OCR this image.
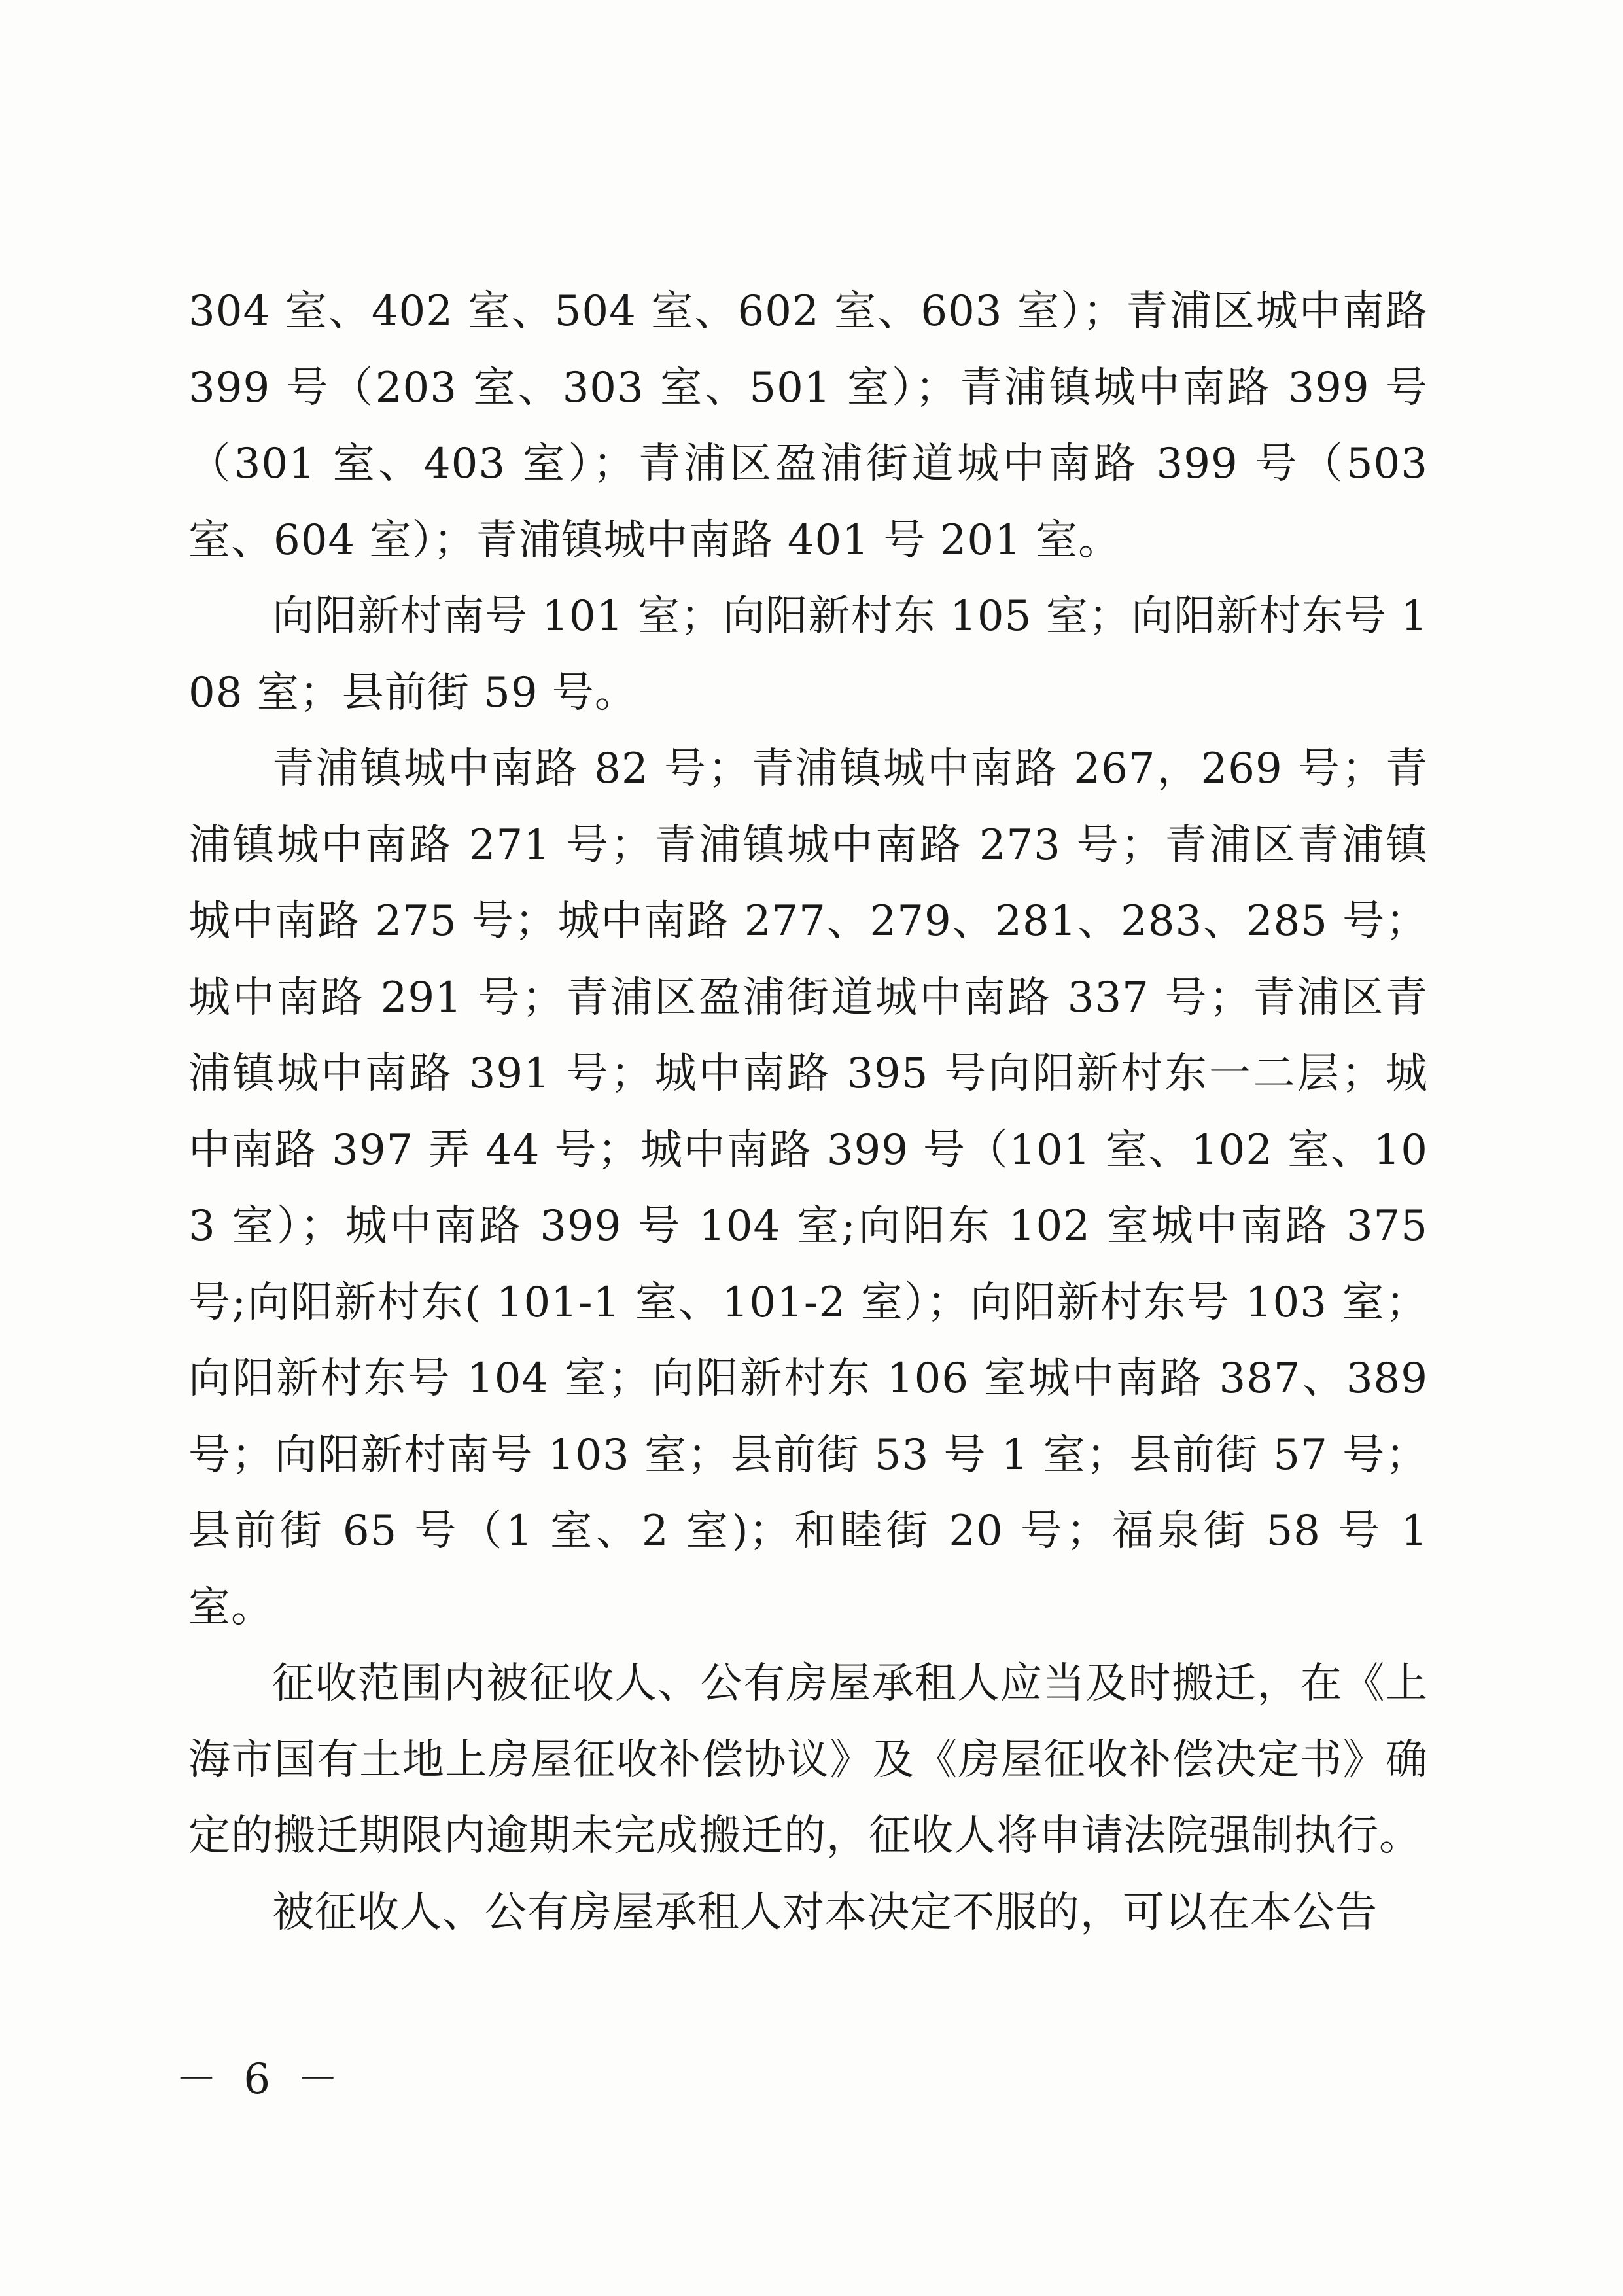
304 室、402 室、504 室、602 室、603 室）；青浦区城中南路 399 号（203 室、303 室、501 室）；青浦镇城中南路 399 号（301 室、403 室）；青浦区盈浦街道城中南路 399 号（503 室、604 室）；青浦镇城中南路 401 号 201 室。

向阳新村南号 101 室；向阳新村东 105 室；向阳新村东号 108 室；县前街 59 号。

青浦镇城中南路 82 号；青浦镇城中南路 267，269 号；青浦镇城中南路 271 号；青浦镇城中南路 273 号；青浦区青浦镇城中南路 275 号；城中南路 277、279、281、283、285 号；城中南路 291 号；青浦区盈浦街道城中南路 337 号；青浦区青浦镇城中南路 391 号；城中南路 395 号向阳新村东一二层；城中南路 397 弄 44 号；城中南路 399 号（101 室、102 室、103 室）；城中南路 399 号 104 室;向阳东 102 室城中南路 375 号;向阳新村东( 101-1 室、101-2 室）；向阳新村东号 103 室；向阳新村东号 104 室；向阳新村东 106 室城中南路 387、389 号；向阳新村南号 103 室；县前街 53 号 1 室；县前街 57 号；县前街 65 号（1 室、2 室)；和睦街 20 号；福泉街 58 号 1 室。

征收范围内被征收人、公有房屋承租人应当及时搬迁，在《上海市国有土地上房屋征收补偿协议》及《房屋征收补偿决定书》确定的搬迁期限内逾期未完成搬迁的，征收人将申请法院强制执行。

被征收人、公有房屋承租人对本决定不服的，可以在本公告

－ 6 －
